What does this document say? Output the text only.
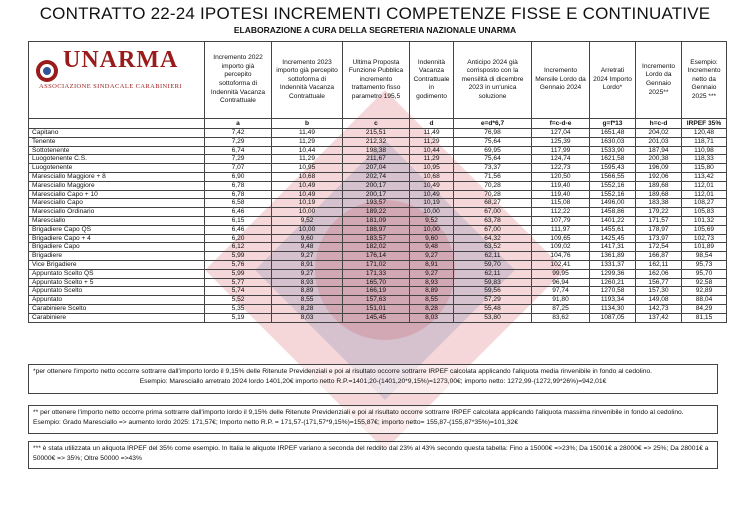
CONTRATTO 22-24 IPOTESI INCREMENTI COMPETENZE FISSE E CONTINUATIVE
ELABORAZIONE A CURA DELLA SEGRETERIA NAZIONALE UNARMA
UNARMA
ASSOCIAZIONE SINDACALE CARABINIERI	Incremento 2022 importo già percepito sottoforma di Indennità Vacanza Contrattuale	Incremento 2023 importo già percepito sottoforma di Indennità Vacanza Contrattuale	Ultima Proposta Funzione Pubblica incremento trattamento fisso parametro 195,5	Indennità Vacanza Contrattuale in godimento	Anticipo 2024 già corrisposto con la mensilità di dicembre 2023 in un'unica soluzione	Incremento Mensile Lordo da Gennaio 2024	Arretrati 2024 Importo Lordo*	Incremento Lordo da Gennaio 2025**	Esempio: Incremento netto da Gennaio 2025 ***
	a	b	c	d	e=d*6,7	f=c-d-e	g=f*13	h=c-d	IRPEF 35%
Capitano	7,42	11,49	215,51	11,49	76,98	127,04	1651,48	204,02	120,48
Tenente	7,29	11,29	212,32	11,29	75,64	125,39	1630,03	201,03	118,71
Sottotenente	6,74	10,44	198,38	10,44	69,95	117,99	1533,90	187,94	110,98
Luogotenente C.S.	7,29	11,29	211,67	11,29	75,64	124,74	1621,58	200,38	118,33
Luogotenente	7,07	10,95	207,04	10,95	73,37	122,73	1595,43	196,09	115,80
Maresciallo Maggiore + 8	6,90	10,68	202,74	10,68	71,56	120,50	1566,55	192,06	113,42
Maresciallo Maggiore	6,78	10,49	200,17	10,49	70,28	119,40	1552,16	189,68	112,01
Maresciallo Capo + 10	6,78	10,49	200,17	10,49	70,28	119,40	1552,16	189,68	112,01
Maresciallo Capo	6,58	10,19	193,57	10,19	68,27	115,08	1496,00	183,38	108,27
Maresciallo Ordinario	6,46	10,00	189,22	10,00	67,00	112,22	1458,86	179,22	105,83
Maresciallo	6,15	9,52	181,09	9,52	63,78	107,79	1401,22	171,57	101,32
Brigadiere Capo QS	6,46	10,00	188,97	10,00	67,00	111,97	1455,61	178,97	105,69
Brigadiere Capo + 4	6,20	9,60	183,57	9,60	64,32	109,65	1425,45	173,97	102,73
Brigadiere Capo	6,12	9,48	182,02	9,48	63,52	109,02	1417,31	172,54	101,89
Brigadiere	5,99	9,27	176,14	9,27	62,11	104,76	1361,89	166,87	98,54
Vice Brigadiere	5,76	8,91	171,02	8,91	59,70	102,41	1331,37	162,11	95,73
Appuntato Scelto QS	5,99	9,27	171,33	9,27	62,11	99,95	1299,36	162,06	95,70
Appuntato Scelto + 5	5,77	8,93	165,70	8,93	59,83	96,94	1260,21	156,77	92,58
Appuntato Scelto	5,74	8,89	166,19	8,89	59,56	97,74	1270,58	157,30	92,89
Appuntato	5,52	8,55	157,63	8,55	57,29	91,80	1193,34	149,08	88,04
Carabiniere Scelto	5,35	8,28	151,01	8,28	55,48	87,25	1134,30	142,73	84,29
Carabiniere	5,19	8,03	145,45	8,03	53,80	83,62	1087,05	137,42	81,15
*per ottenere l'importo netto occorre sottrarre dall'importo lordo il 9,15% delle Ritenute Previdenziali e poi al risultato occorre sottrarre IRPEF calcolata applicando l'aliquota media rinvenibile in fondo al cedolino.
Esempio: Maresciallo arretrato 2024 lordo 1401,20€ importo netto R.P.=1401,20-(1401,20*9,15%)=1273,00€; importo netto: 1272,99-(1272,99*26%)=942,01€
** per ottenere l'importo netto occorre prima sottrarre dall'importo lordo il 9,15% delle Ritenute Previdenziali e poi al risultato occorre sottrarre IRPEF calcolata applicando l'aliquota massima rinvenibile in fondo al cedolino. Esempio: Grado Maresciallo => aumento lordo 2025: 171,57€; Importo netto R.P. = 171,57-(171,57*9,15%)=155,87€; importo netto= 155,87-(155,87*35%)=101,32€
*** è stata utilizzata un aliquota IRPEF del 35% come esempio. In Italia le aliquote IRPEF variano a seconda del reddito dal 23% al 43% secondo questa tabella: Fino a 15000€ =>23%; Da 15001€ a 28000€ => 25%; Da 28001€ a 50000€ => 35%; Oltre 50000 =>43%
